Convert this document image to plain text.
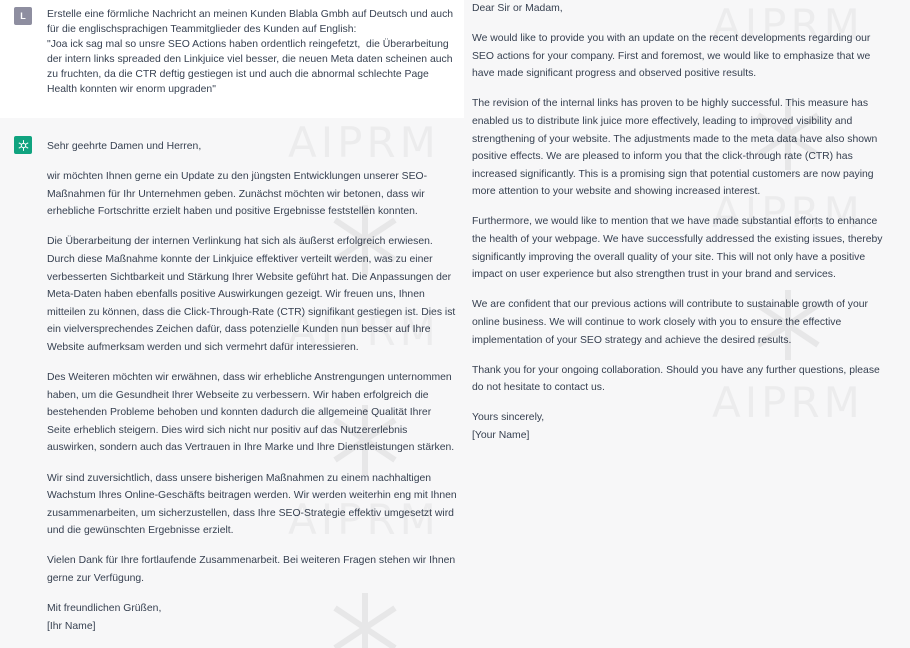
L	Erstelle eine förmliche Nachricht an meinen Kunden Blabla Gmbh auf Deutsch und auch für die englischsprachigen Teammitglieder des Kunden auf English:
"Joa ick sag mal so unsre SEO Actions haben ordentlich reingefetzt,  die Überarbeitung der intern links spreaded den Linkjuice viel besser, die neuen Meta daten scheinen auch zu fruchten, da die CTR deftig gestiegen ist und auch die abnormal schlechte Page Health konnten wir enorm upgraden"

Sehr geehrte Damen und Herren,

wir möchten Ihnen gerne ein Update zu den jüngsten Entwicklungen unserer SEO-Maßnahmen für Ihr Unternehmen geben. Zunächst möchten wir betonen, dass wir erhebliche Fortschritte erzielt haben und positive Ergebnisse feststellen konnten.

Die Überarbeitung der internen Verlinkung hat sich als äußerst erfolgreich erwiesen. Durch diese Maßnahme konnte der Linkjuice effektiver verteilt werden, was zu einer verbesserten Sichtbarkeit und Stärkung Ihrer Website geführt hat. Die Anpassungen der Meta-Daten haben ebenfalls positive Auswirkungen gezeigt. Wir freuen uns, Ihnen mitteilen zu können, dass die Click-Through-Rate (CTR) signifikant gestiegen ist. Dies ist ein vielversprechendes Zeichen dafür, dass potenzielle Kunden nun besser auf Ihre Website aufmerksam werden und sich vermehrt dafür interessieren.

Des Weiteren möchten wir erwähnen, dass wir erhebliche Anstrengungen unternommen haben, um die Gesundheit Ihrer Webseite zu verbessern. Wir haben erfolgreich die bestehenden Probleme behoben und konnten dadurch die allgemeine Qualität Ihrer Seite erheblich steigern. Dies wird sich nicht nur positiv auf das Nutzererlebnis auswirken, sondern auch das Vertrauen in Ihre Marke und Ihre Dienstleistungen stärken.

Wir sind zuversichtlich, dass unsere bisherigen Maßnahmen zu einem nachhaltigen Wachstum Ihres Online-Geschäfts beitragen werden. Wir werden weiterhin eng mit Ihnen zusammenarbeiten, um sicherzustellen, dass Ihre SEO-Strategie effektiv umgesetzt wird und die gewünschten Ergebnisse erzielt.

Vielen Dank für Ihre fortlaufende Zusammenarbeit. Bei weiteren Fragen stehen wir Ihnen gerne zur Verfügung.

Mit freundlichen Grüßen,
[Ihr Name]

Dear Sir or Madam,

We would like to provide you with an update on the recent developments regarding our SEO actions for your company. First and foremost, we would like to emphasize that we have made significant progress and observed positive results.

The revision of the internal links has proven to be highly successful. This measure has enabled us to distribute link juice more effectively, leading to improved visibility and strengthening of your website. The adjustments made to the meta data have also shown positive effects. We are pleased to inform you that the click-through rate (CTR) has increased significantly. This is a promising sign that potential customers are now paying more attention to your website and showing increased interest.

Furthermore, we would like to mention that we have made substantial efforts to enhance the health of your webpage. We have successfully addressed the existing issues, thereby significantly improving the overall quality of your site. This will not only have a positive impact on user experience but also strengthen trust in your brand and services.

We are confident that our previous actions will contribute to sustainable growth of your online business. We will continue to work closely with you to ensure the effective implementation of your SEO strategy and achieve the desired results.

Thank you for your ongoing collaboration. Should you have any further questions, please do not hesitate to contact us.

Yours sincerely,
[Your Name]
